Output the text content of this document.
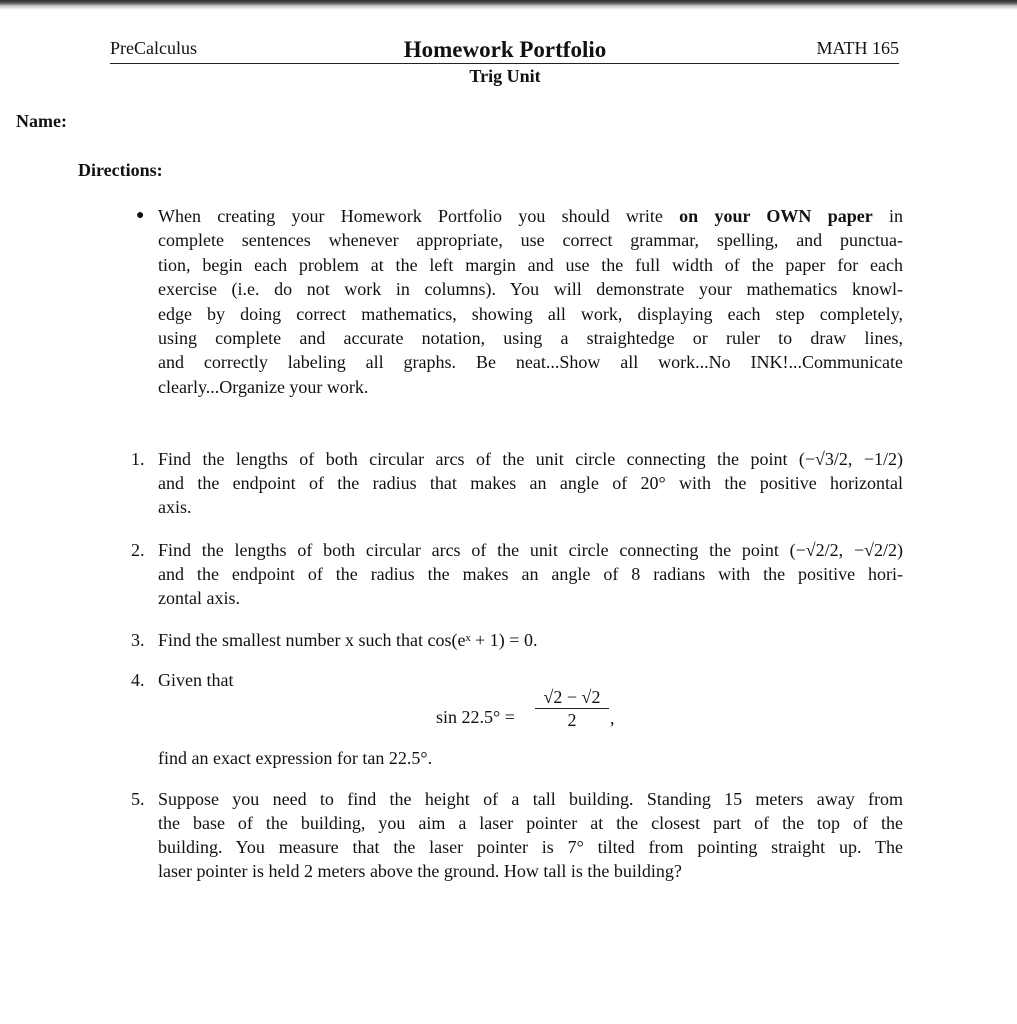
PreCalculus	Homework Portfolio	MATH 165
Trig Unit
Name:
Directions:
● When creating your Homework Portfolio you should write on your OWN paper in
complete sentences whenever appropriate, use correct grammar, spelling, and punctua-
tion, begin each problem at the left margin and use the full width of the paper for each
exercise (i.e. do not work in columns). You will demonstrate your mathematics knowl-
edge by doing correct mathematics, showing all work, displaying each step completely,
using complete and accurate notation, using a straightedge or ruler to draw lines,
and correctly labeling all graphs. Be neat...Show all work...No INK!...Communicate
clearly...Organize your work.
1. Find the lengths of both circular arcs of the unit circle connecting the point (−√3/2, −1/2)
and the endpoint of the radius that makes an angle of 20° with the positive horizontal
axis.
2. Find the lengths of both circular arcs of the unit circle connecting the point (−√2/2, −√2/2)
and the endpoint of the radius the makes an angle of 8 radians with the positive hori-
zontal axis.
3. Find the smallest number x such that cos(eˣ + 1) = 0.
4. Given that
$\sin 22.5^\circ = \frac{√2 - √2}{2}$ ,
find an exact expression for tan 22.5°.
5. Suppose you need to find the height of a tall building. Standing 15 meters away from
the base of the building, you aim a laser pointer at the closest part of the top of the
building. You measure that the laser pointer is 7° tilted from pointing straight up. The
laser pointer is held 2 meters above the ground. How tall is the building?
